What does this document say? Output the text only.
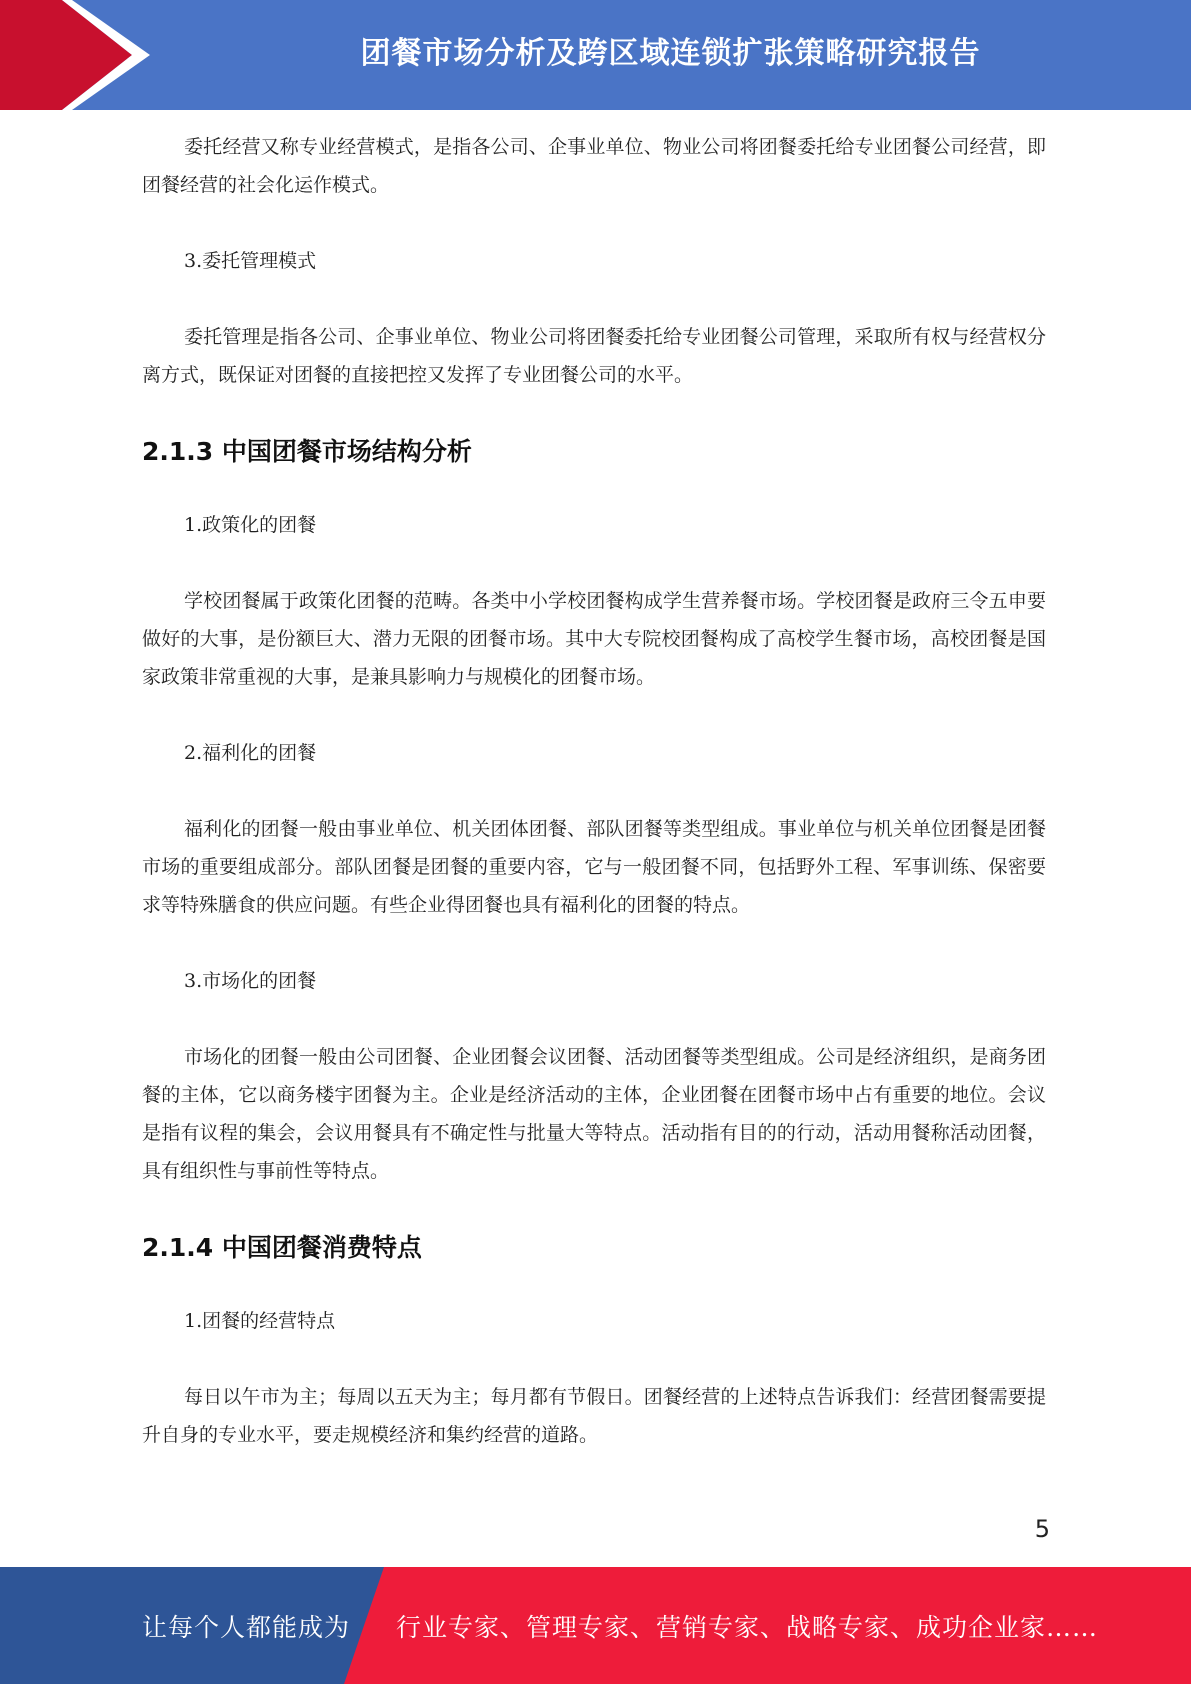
团餐市场分析及跨区域连锁扩张策略研究报告

委托经营又称专业经营模式，是指各公司、企事业单位、物业公司将团餐委托给专业团餐公司经营，即团餐经营的社会化运作模式。

3.委托管理模式

委托管理是指各公司、企事业单位、物业公司将团餐委托给专业团餐公司管理，采取所有权与经营权分离方式，既保证对团餐的直接把控又发挥了专业团餐公司的水平。

2.1.3 中国团餐市场结构分析

1.政策化的团餐

学校团餐属于政策化团餐的范畴。各类中小学校团餐构成学生营养餐市场。学校团餐是政府三令五申要做好的大事，是份额巨大、潜力无限的团餐市场。其中大专院校团餐构成了高校学生餐市场，高校团餐是国家政策非常重视的大事，是兼具影响力与规模化的团餐市场。

2.福利化的团餐

福利化的团餐一般由事业单位、机关团体团餐、部队团餐等类型组成。事业单位与机关单位团餐是团餐市场的重要组成部分。部队团餐是团餐的重要内容，它与一般团餐不同，包括野外工程、军事训练、保密要求等特殊膳食的供应问题。有些企业得团餐也具有福利化的团餐的特点。

3.市场化的团餐

市场化的团餐一般由公司团餐、企业团餐会议团餐、活动团餐等类型组成。公司是经济组织，是商务团餐的主体，它以商务楼宇团餐为主。企业是经济活动的主体，企业团餐在团餐市场中占有重要的地位。会议是指有议程的集会，会议用餐具有不确定性与批量大等特点。活动指有目的的行动，活动用餐称活动团餐，具有组织性与事前性等特点。

2.1.4 中国团餐消费特点

1.团餐的经营特点

每日以午市为主；每周以五天为主；每月都有节假日。团餐经营的上述特点告诉我们：经营团餐需要提升自身的专业水平，要走规模经济和集约经营的道路。

5
让每个人都能成为 行业专家、管理专家、营销专家、战略专家、成功企业家……
